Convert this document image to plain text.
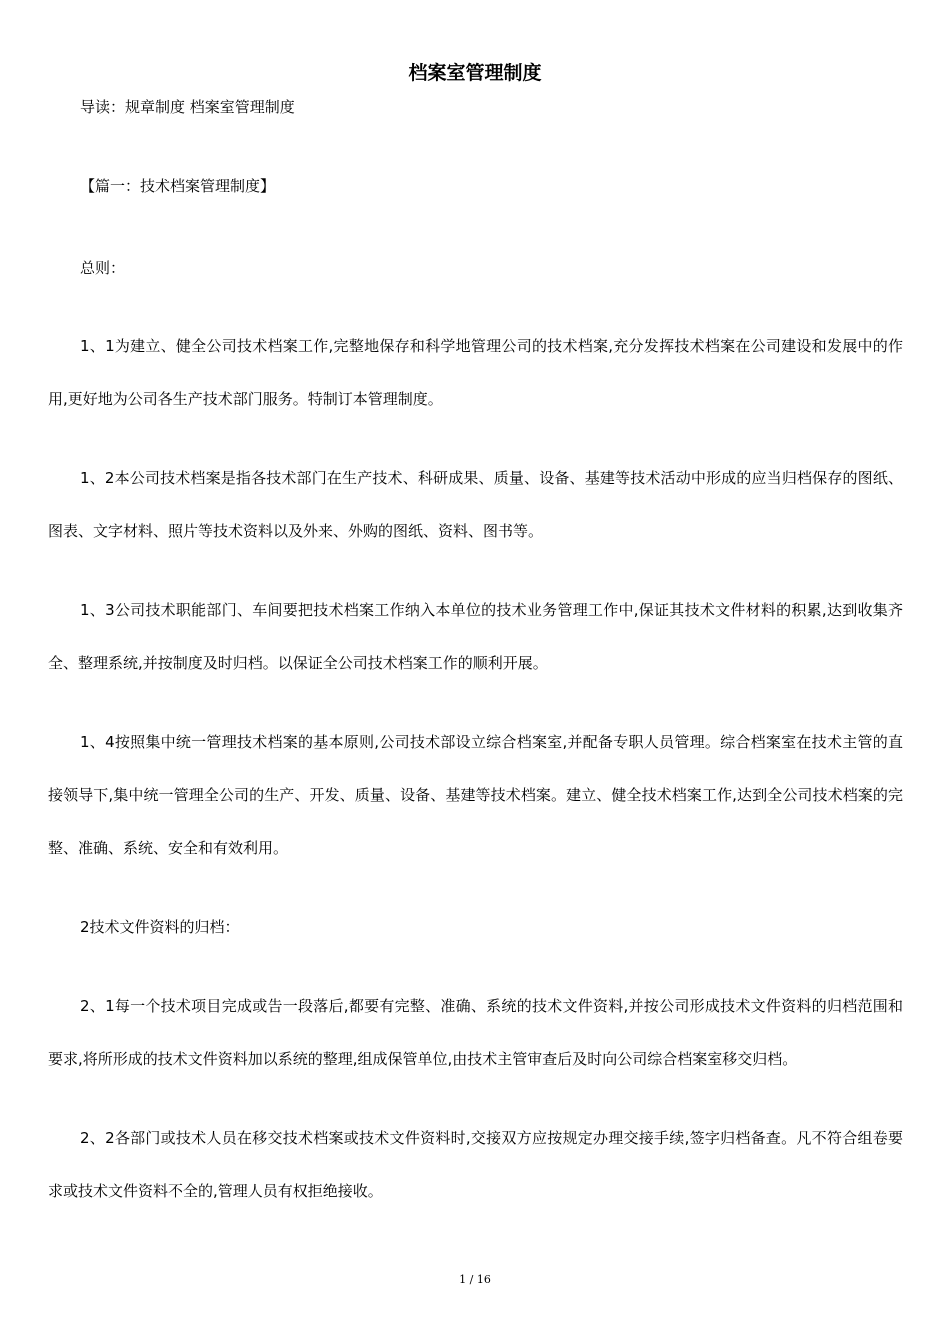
档案室管理制度

导读：规章制度 档案室管理制度

【篇一：技术档案管理制度】

总则：

1、1为建立、健全公司技术档案工作,完整地保存和科学地管理公司的技术档案,充分发挥技术档案在公司建设和发展中的作用,更好地为公司各生产技术部门服务。特制订本管理制度。

1、2本公司技术档案是指各技术部门在生产技术、科研成果、质量、设备、基建等技术活动中形成的应当归档保存的图纸、图表、文字材料、照片等技术资料以及外来、外购的图纸、资料、图书等。

1、3公司技术职能部门、车间要把技术档案工作纳入本单位的技术业务管理工作中,保证其技术文件材料的积累,达到收集齐全、整理系统,并按制度及时归档。以保证全公司技术档案工作的顺利开展。

1、4按照集中统一管理技术档案的基本原则,公司技术部设立综合档案室,并配备专职人员管理。综合档案室在技术主管的直接领导下,集中统一管理全公司的生产、开发、质量、设备、基建等技术档案。建立、健全技术档案工作,达到全公司技术档案的完整、准确、系统、安全和有效利用。

2技术文件资料的归档：

2、1每一个技术项目完成或告一段落后,都要有完整、准确、系统的技术文件资料,并按公司形成技术文件资料的归档范围和要求,将所形成的技术文件资料加以系统的整理,组成保管单位,由技术主管审查后及时向公司综合档案室移交归档。

2、2各部门或技术人员在移交技术档案或技术文件资料时,交接双方应按规定办理交接手续,签字归档备查。凡不符合组卷要求或技术文件资料不全的,管理人员有权拒绝接收。

1 / 16
